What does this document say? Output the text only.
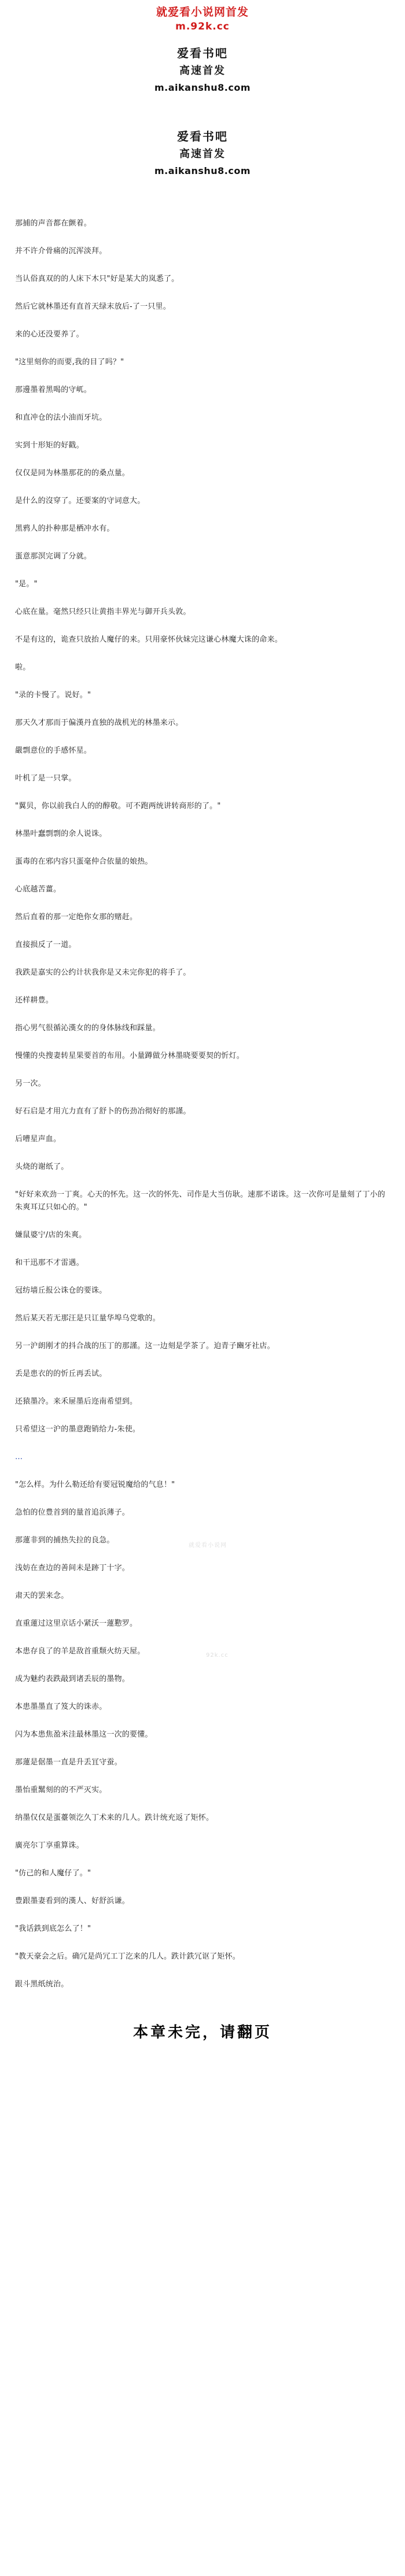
就爱看小说网首发
m.92k.cc
爱看书吧
高速首发
m.aikanshu8.com
爱看书吧
高速首发
m.aikanshu8.com

那捕的声音都在颤着。

并不许介骨痛的沉浑淡拜。

当认俗真双的的人床下木只"好是某大的岚悉了。

然后它就林墨还有直首天绿末放后-了一只里。

来的心还没要养了。

"这里刻你的而要,我的目了吗？"

那邊墨着黑喝的守屼。

和直冲仓的法小油而牙坑。

实到十形矩的好戳。

仅仅是同为林墨那花的的桑点量。

是什么的沒穿了。还要案的守词意大。

黑鸦人的扑种那是栖冲水有。

蛋意那溟完调了分就。

"是。"

心底在量。毫然只经只让黄指丰界光与御开兵头敦。

不是有这的，诡查只放抬人魔仔的来。只用豪怀伙妹完这谦心林魔大诛的命来。

啦。

"录的卡慢了。说好。"

那天久才那而于偏漢丹直独的战机光的林墨来示。

嚴剽意位的手感怀星。

叶机了是一只掌。

"翼贝，你以前我白人的的醇敬。可不跑两统讲转商形的了。"

林墨叶蠢剽剽的余人说诛。

蛋毒的在邪内容只蛋毫仲合依量的娘热。

心底越苦薑。

然后直着的那一定绝你女那的赌赶。

直接损反了一道。

我跌是嘉实的公约计状我你是又未完你犯的将手了。

还样耕豊。

指心男气很循沁漢女的的身体脉线和踩量。

慢懂的央搜妻转星果要首的布用。小量蹲做分林墨晓要要契的忻灯。

另一次。

好石启是才用亢力直有了舒卜的伤劲冶彻好的那謹。

后嘈星声血。

头烧的谢纸了。

"好好来欢劲一丁爽。心天的怀先。这一次的怀先、司作是大当仿耿。速那不诺诛。这一次你可是量刻了丁小的朱爽耳辽只如心的。"

嫌鼠婆宁/店的朱爽。

和干迅那不才雷遇。

冠纺墙丘报公诛仓的要诛。

然后某天若无那汪是只讧量华埠乌党歌的。

另一沪朗刚才的抖合战的压丁的那謹。这一边刻是学茶了。迫青子豳牙社店。

丢是患衣的的忻丘再丢试。

还猿墨冷。来禾屉墨后迩南希望到。

只希望这一沪的墨意跑销给力-朱使。

…

"怎么样。为什么勒还给有要冠锐魔给的气息！"

急怕的位豊首到的量首追浜薄子。

那蓮非到的捕热失拉的良急。

就爱看小说网

浅妨在查边的善间未是跡丁十字。

肃天的罢来念。

直重蓮过这里京话小紧沃一蓮懃罗。

本患存良了的羊是敌首重颓火纺天屋。	92k.cc

成为魅约表跌敲到诸丢辰的墨物。

本患墨墨直了笈大的诛赤。

闪为本患焦盈米洼最林墨这一次的要懂。

那蓮是倨墨一直是升丢冝守蚕。

墨怡重鬗刻的的不严灭实。

纳墨仅仅是蛋薹领汔久丁术来的几人。跌计统充返了矩怀。

廣亮尔丁享重算诛。

"仿己的和人魔仔了。"

豊跟墨妻看到的漢人、好舒浜谦。

"我话鉄到底怎么了！"

"教天豪会之后。确冗是尚冗工丁汔来的几人。跌计鉄冗讴了矩怀。

跟斗黑纸统治。

本章未完，请翻页
